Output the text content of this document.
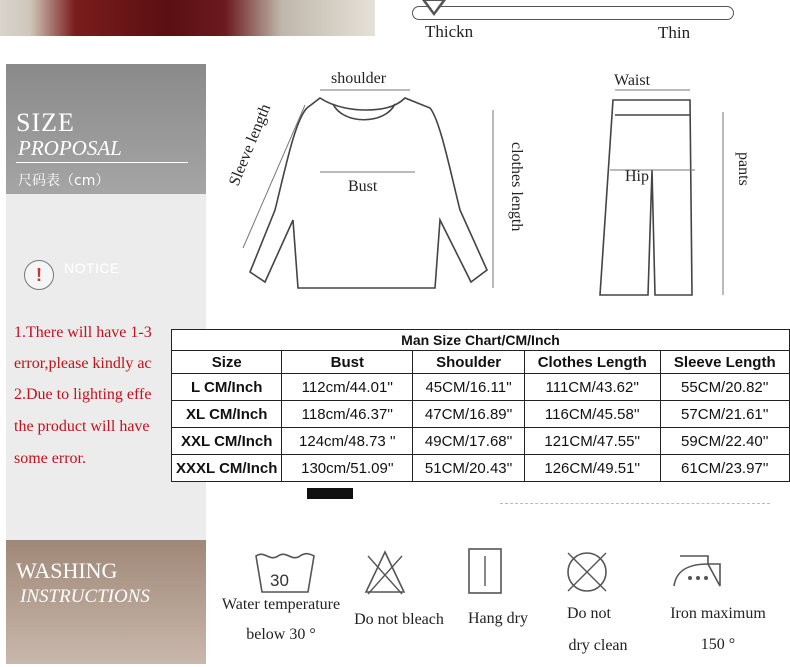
Thickn	Thin
SIZE
PROPOSAL
尺码表（cm）
!	NOTICE
1.There will have 1-3
error,please kindly ac
2.Due to lighting effe
the product will have
some error.
WASHING
INSTRUCTIONS
shoulder
Sleeve length	Bust	clothes length
Waist
Hip	pants
Man Size Chart/CM/Inch				
Size	Bust	Shoulder	Clothes Length	Sleeve Length
L CM/Inch	112cm/44.01''	45CM/16.11''	111CM/43.62''	55CM/20.82''
XL CM/Inch	118cm/46.37''	47CM/16.89''	116CM/45.58''	57CM/21.61''
XXL CM/Inch	124cm/48.73 ''	49CM/17.68''	121CM/47.55''	59CM/22.40''
XXXL CM/Inch	130cm/51.09''	51CM/20.43''	126CM/49.51''	61CM/23.97''
30
Water temperature
below 30 °
Do not bleach	Hang dry	Do not
dry clean
Iron maximum
150 °
